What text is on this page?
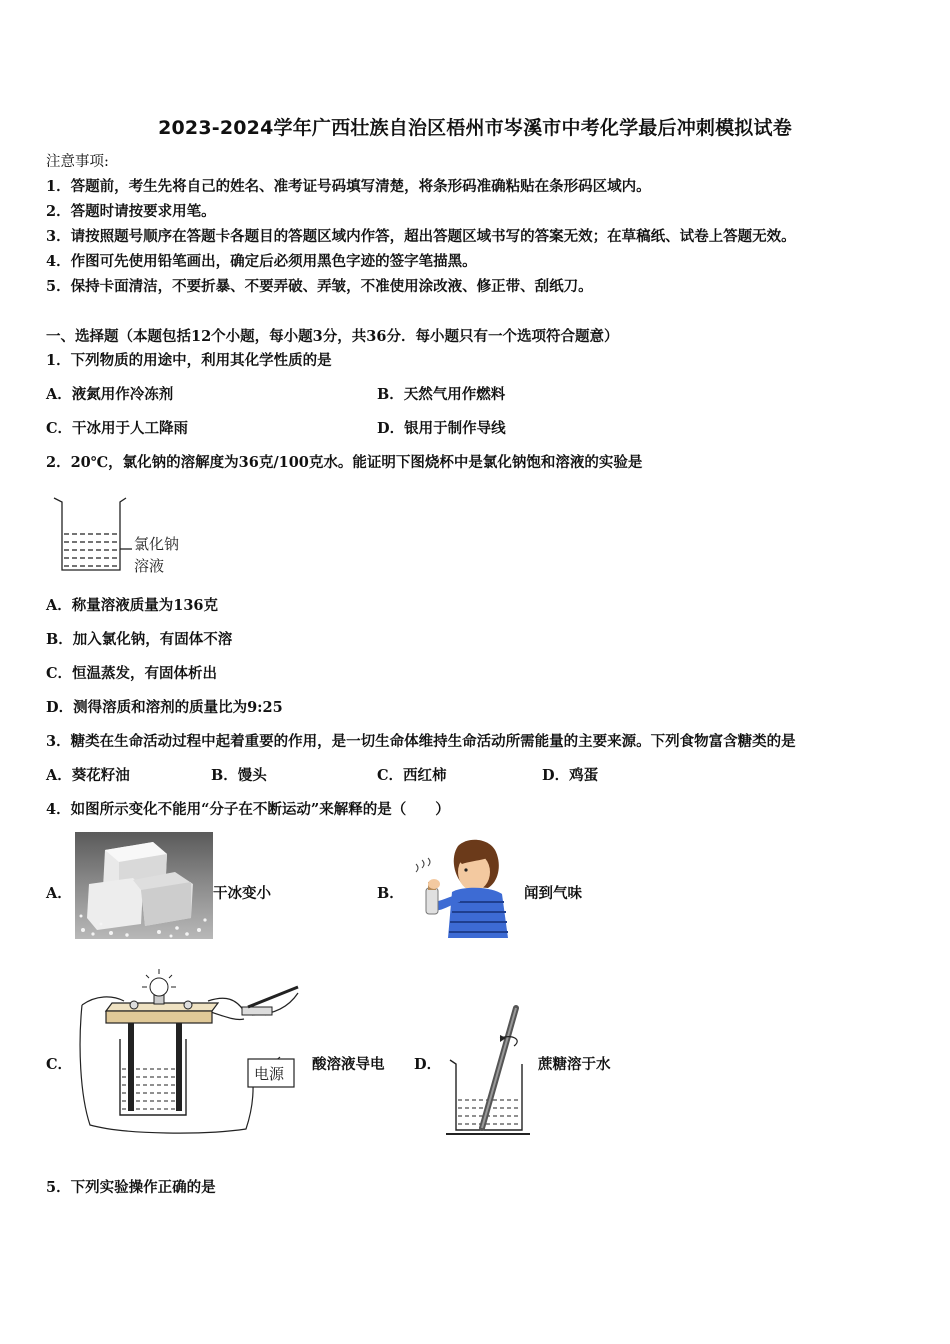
2023-2024学年广西壮族自治区梧州市岑溪市中考化学最后冲刺模拟试卷
注意事项:
1．答题前，考生先将自己的姓名、准考证号码填写清楚，将条形码准确粘贴在条形码区域内。
2．答题时请按要求用笔。
3．请按照题号顺序在答题卡各题目的答题区域内作答，超出答题区域书写的答案无效；在草稿纸、试卷上答题无效。
4．作图可先使用铅笔画出，确定后必须用黑色字迹的签字笔描黑。
5．保持卡面清洁，不要折暴、不要弄破、弄皱，不准使用涂改液、修正带、刮纸刀。
一、选择题（本题包括12个小题，每小题3分，共36分．每小题只有一个选项符合题意）
1．下列物质的用途中，利用其化学性质的是
A．液氮用作冷冻剂	B．天然气用作燃料
C．干冰用于人工降雨	D．银用于制作导线
2．20℃，氯化钠的溶解度为36克/100克水。能证明下图烧杯中是氯化钠饱和溶液的实验是
氯化钠
溶液
A．称量溶液质量为136克
B．加入氯化钠，有固体不溶
C．恒温蒸发，有固体析出
D．测得溶质和溶剂的质量比为9:25
3．糖类在生命活动过程中起着重要的作用，是一切生命体维持生命活动所需能量的主要来源。下列食物富含糖类的是
A．葵花籽油	B．馒头	C．西红柿	D．鸡蛋
4．如图所示变化不能用“分子在不断运动”来解释的是（　　）
A．	干冰变小	B．	闻到气味
C．
电源
酸溶液导电 D．	蔗糖溶于水
5．下列实验操作正确的是
